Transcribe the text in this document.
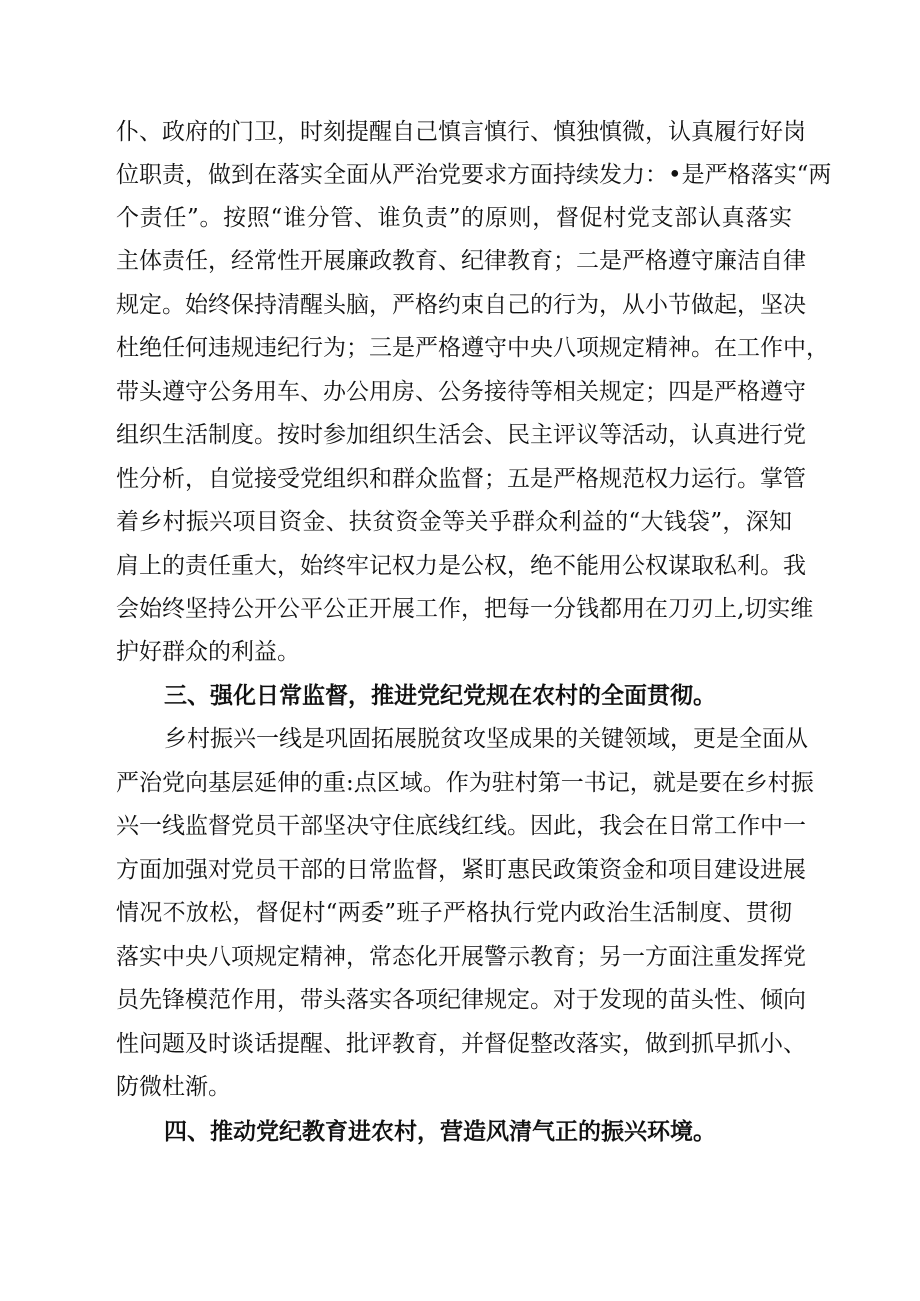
仆、政府的门卫，时刻提醒自己慎言慎行、慎独慎微，认真履行好岗
位职责，做到在落实全面从严治党要求方面持续发力：•是严格落实“两
个责任”。按照“谁分管、谁负责”的原则，督促村党支部认真落实
主体责任，经常性开展廉政教育、纪律教育；二是严格遵守廉洁自律
规定。始终保持清醒头脑，严格约束自己的行为，从小节做起，坚决
杜绝任何违规违纪行为；三是严格遵守中央八项规定精神。在工作中，
带头遵守公务用车、办公用房、公务接待等相关规定；四是严格遵守
组织生活制度。按时参加组织生活会、民主评议等活动，认真进行党
性分析，自觉接受党组织和群众监督；五是严格规范权力运行。掌管
着乡村振兴项目资金、扶贫资金等关乎群众利益的“大钱袋”，深知
肩上的责任重大，始终牢记权力是公权，绝不能用公权谋取私利。我
会始终坚持公开公平公正开展工作，把每一分钱都用在刀刃上,切实维
护好群众的利益。
三、强化日常监督，推进党纪党规在农村的全面贯彻。
乡村振兴一线是巩固拓展脱贫攻坚成果的关键领域，更是全面从
严治党向基层延伸的重:点区域。作为驻村第一书记，就是要在乡村振
兴一线监督党员干部坚决守住底线红线。因此，我会在日常工作中一
方面加强对党员干部的日常监督，紧盯惠民政策资金和项目建设进展
情况不放松，督促村“两委”班子严格执行党内政治生活制度、贯彻
落实中央八项规定精神，常态化开展警示教育；另一方面注重发挥党
员先锋模范作用，带头落实各项纪律规定。对于发现的苗头性、倾向
性问题及时谈话提醒、批评教育，并督促整改落实，做到抓早抓小、
防微杜渐。
四、推动党纪教育进农村，营造风清气正的振兴环境。
